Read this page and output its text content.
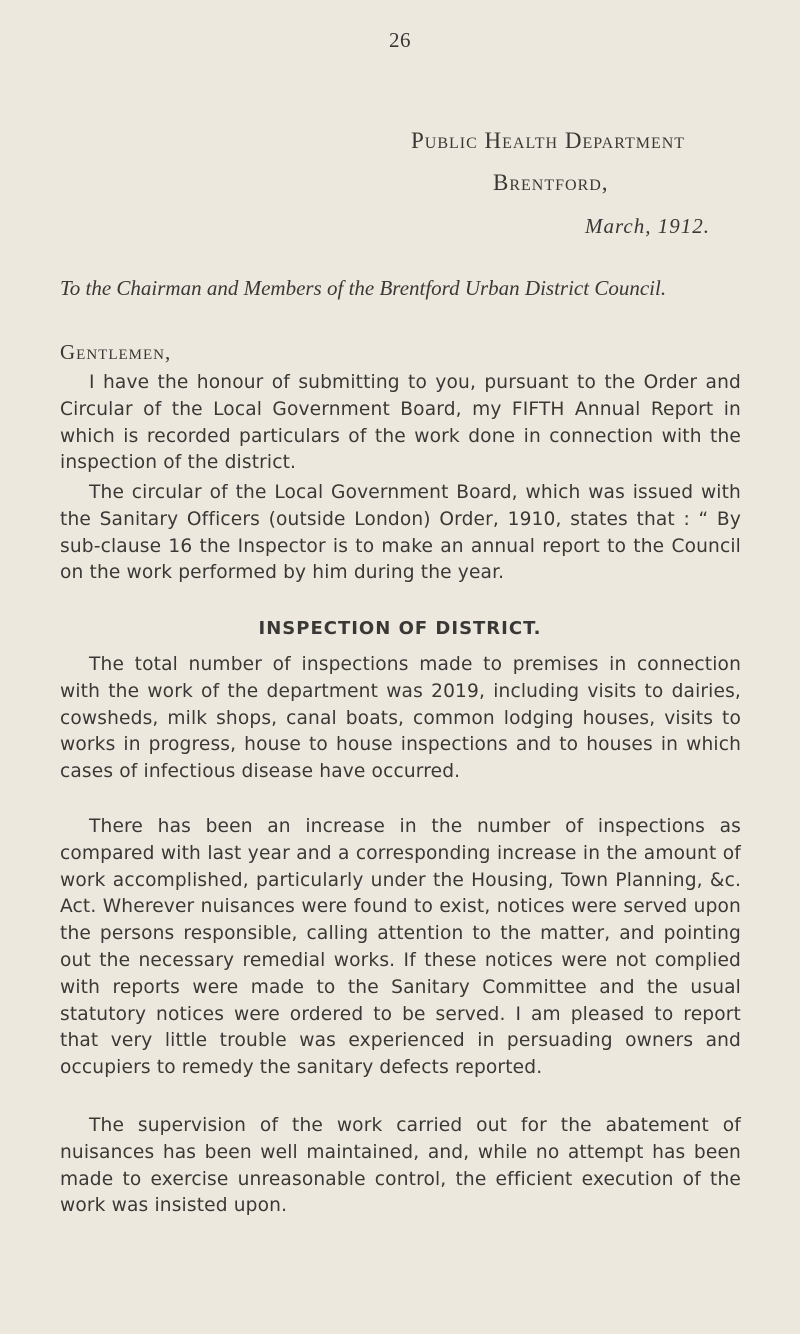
26
Public Health Department
Brentford,
March, 1912.
To the Chairman and Members of the Brentford Urban District Council.
Gentlemen,

I have the honour of submitting to you, pursuant to the Order and Circular of the Local Government Board, my FIFTH Annual Report in which is recorded particulars of the work done in connection with the inspection of the district.

The circular of the Local Government Board, which was issued with the Sanitary Officers (outside London) Order, 1910, states that : “ By sub-clause 16 the Inspector is to make an annual report to the Council on the work performed by him during the year.

INSPECTION OF DISTRICT.

The total number of inspections made to premises in connection with the work of the department was 2019, including visits to dairies, cowsheds, milk shops, canal boats, common lodging houses, visits to works in progress, house to house inspections and to houses in which cases of infectious disease have occurred.

There has been an increase in the number of inspections as compared with last year and a corresponding increase in the amount of work accomplished, particularly under the Housing, Town Planning, &c. Act. Wherever nuisances were found to exist, notices were served upon the persons responsible, calling attention to the matter, and pointing out the necessary remedial works. If these notices were not complied with reports were made to the Sanitary Committee and the usual statutory notices were ordered to be served. I am pleased to report that very little trouble was experienced in persuading owners and occupiers to remedy the sanitary defects reported.

The supervision of the work carried out for the abatement of nuisances has been well maintained, and, while no attempt has been made to exercise unreasonable control, the efficient execution of the work was insisted upon.
